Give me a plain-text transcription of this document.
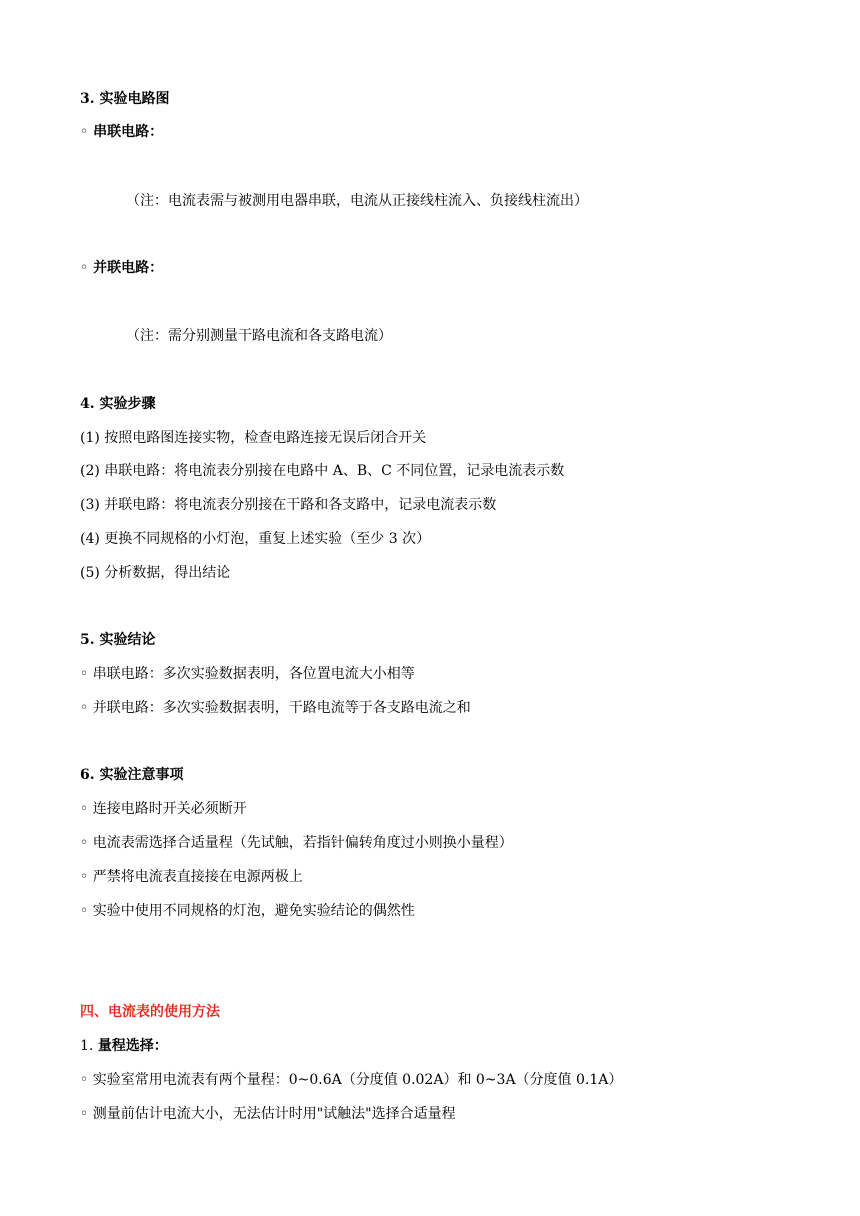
3. 实验电路图
◦ 串联电路：
（注：电流表需与被测用电器串联，电流从正接线柱流入、负接线柱流出）
◦ 并联电路：
（注：需分别测量干路电流和各支路电流）
4. 实验步骤
(1) 按照电路图连接实物，检查电路连接无误后闭合开关
(2) 串联电路：将电流表分别接在电路中 A、B、C 不同位置，记录电流表示数
(3) 并联电路：将电流表分别接在干路和各支路中，记录电流表示数
(4) 更换不同规格的小灯泡，重复上述实验（至少 3 次）
(5) 分析数据，得出结论
5. 实验结论
◦ 串联电路：多次实验数据表明，各位置电流大小相等
◦ 并联电路：多次实验数据表明，干路电流等于各支路电流之和
6. 实验注意事项
◦ 连接电路时开关必须断开
◦ 电流表需选择合适量程（先试触，若指针偏转角度过小则换小量程）
◦ 严禁将电流表直接接在电源两极上
◦ 实验中使用不同规格的灯泡，避免实验结论的偶然性
四、电流表的使用方法
1. 量程选择：
◦ 实验室常用电流表有两个量程：0~0.6A（分度值 0.02A）和 0~3A（分度值 0.1A）
◦ 测量前估计电流大小，无法估计时用"试触法"选择合适量程
